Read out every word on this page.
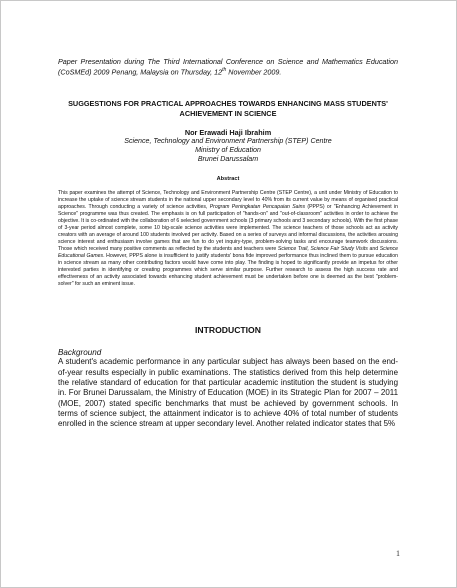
Paper Presentation during The Third International Conference on Science and Mathematics Education (CoSMEd) 2009 Penang, Malaysia on Thursday, 12th November 2009.

SUGGESTIONS FOR PRACTICAL APPROACHES TOWARDS ENHANCING MASS STUDENTS' ACHIEVEMENT IN SCIENCE

Nor Erawadi Haji Ibrahim
Science, Technology and Environment Partnership (STEP) Centre
Ministry of Education
Brunei Darussalam
Abstract

This paper examines the attempt of Science, Technology and Environment Partnership Centre (STEP Centre), a unit under Ministry of Education to increase the uptake of science stream students in the national upper secondary level to 40% from its current value by means of organised practical approaches. Through conducting a variety of science activities, Program Peningkatan Pencapaian Sains (PPPS) or "Enhancing Achievement in Science" programme was thus created. The emphasis is on full participation of "hands-on" and "out-of-classroom" activities in order to achieve the objective. It is co-ordinated with the collaboration of 6 selected government schools (3 primary schools and 3 secondary schools). With the first phase of 3-year period almost complete, some 10 big-scale science activities were implemented. The science teachers of those schools act as activity creators with an average of around 100 students involved per activity. Based on a series of surveys and informal discussions, the activities arousing science interest and enthusiasm involve games that are fun to do yet inquiry-type, problem-solving tasks and encourage teamwork discussions. Those which received many positive comments as reflected by the students and teachers were Science Trail, Science Fair Study Visits and Science Educational Games. However, PPPS alone is insufficient to justify students' bona fide improved performance thus inclined them to pursue education in science stream as many other contributing factors would have come into play. The finding is hoped to significantly provide an impetus for other interested parties in identifying or creating programmes which serve similar purpose. Further research to assess the high success rate and effectiveness of an activity associated towards enhancing student achievement must be undertaken before one is deemed as the best "problem-solver" for such an eminent issue.

INTRODUCTION
Background

A student's academic performance in any particular subject has always been based on the end-of-year results especially in public examinations. The statistics derived from this help determine the relative standard of education for that particular academic institution the student is studying in. For Brunei Darussalam, the Ministry of Education (MOE) in its Strategic Plan for 2007 – 2011 (MOE, 2007) stated specific benchmarks that must be achieved by government schools. In terms of science subject, the attainment indicator is to achieve 40% of total number of students enrolled in the science stream at upper secondary level. Another related indicator states that 5%

1
